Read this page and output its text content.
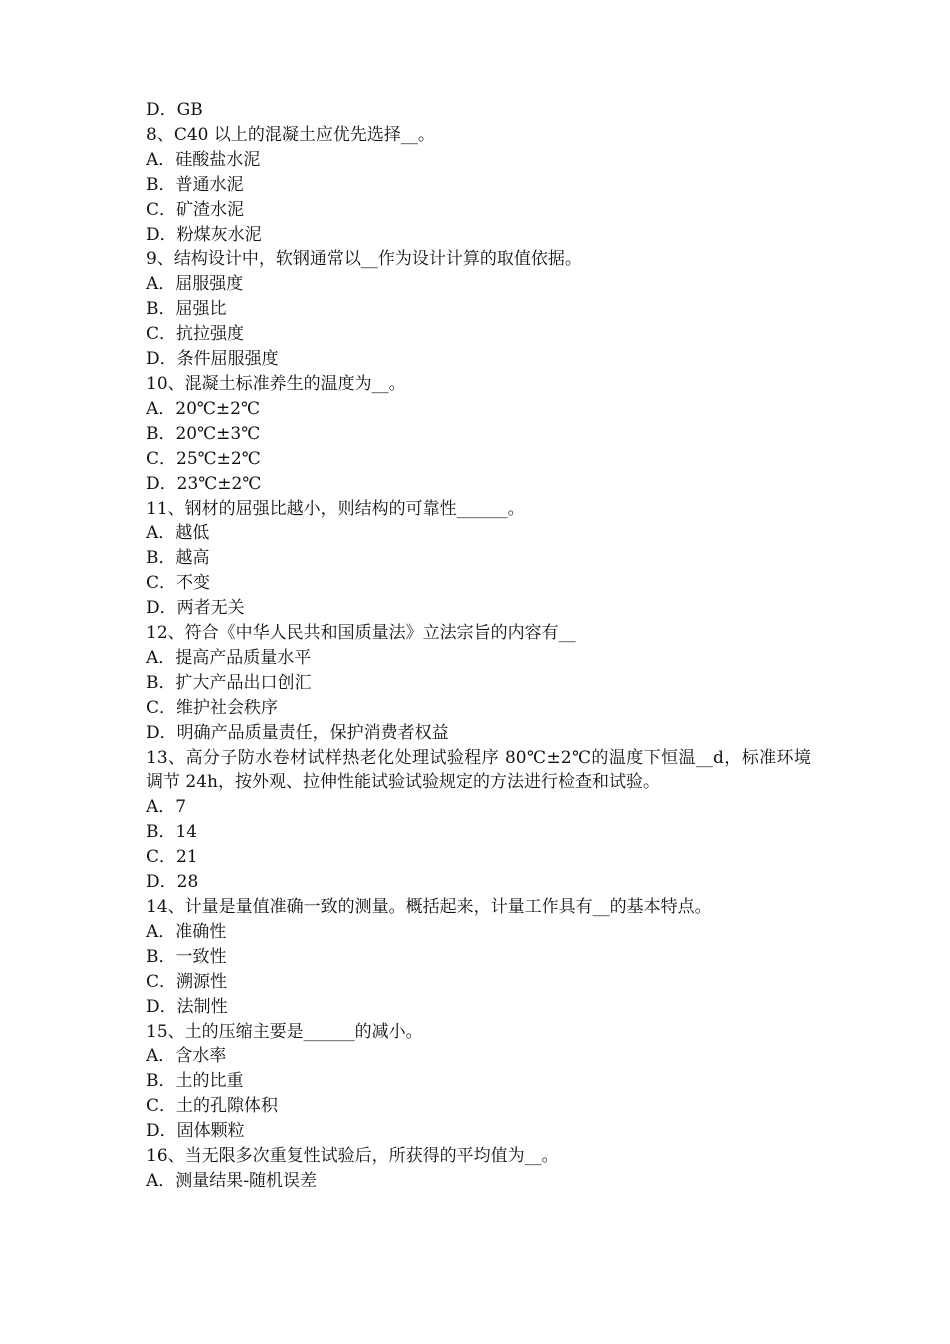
D．GB

8、C40 以上的混凝土应优先选择__。

A．硅酸盐水泥

B．普通水泥

C．矿渣水泥

D．粉煤灰水泥

9、结构设计中，软钢通常以__作为设计计算的取值依据。

A．屈服强度

B．屈强比

C．抗拉强度

D．条件屈服强度

10、混凝土标准养生的温度为__。

A．20℃±2℃

B．20℃±3℃

C．25℃±2℃

D．23℃±2℃

11、钢材的屈强比越小，则结构的可靠性______。

A．越低

B．越高

C．不变

D．两者无关

12、符合《中华人民共和国质量法》立法宗旨的内容有__

A．提高产品质量水平

B．扩大产品出口创汇

C．维护社会秩序

D．明确产品质量责任，保护消费者权益

13、高分子防水卷材试样热老化处理试验程序 80℃±2℃的温度下恒温__d，标准环境调节 24h，按外观、拉伸性能试验试验规定的方法进行检查和试验。

A．7

B．14

C．21

D．28

14、计量是量值准确一致的测量。概括起来，计量工作具有__的基本特点。

A．准确性

B．一致性

C．溯源性

D．法制性

15、土的压缩主要是______的减小。

A．含水率

B．土的比重

C．土的孔隙体积

D．固体颗粒

16、当无限多次重复性试验后，所获得的平均值为__。

A．测量结果-随机误差
